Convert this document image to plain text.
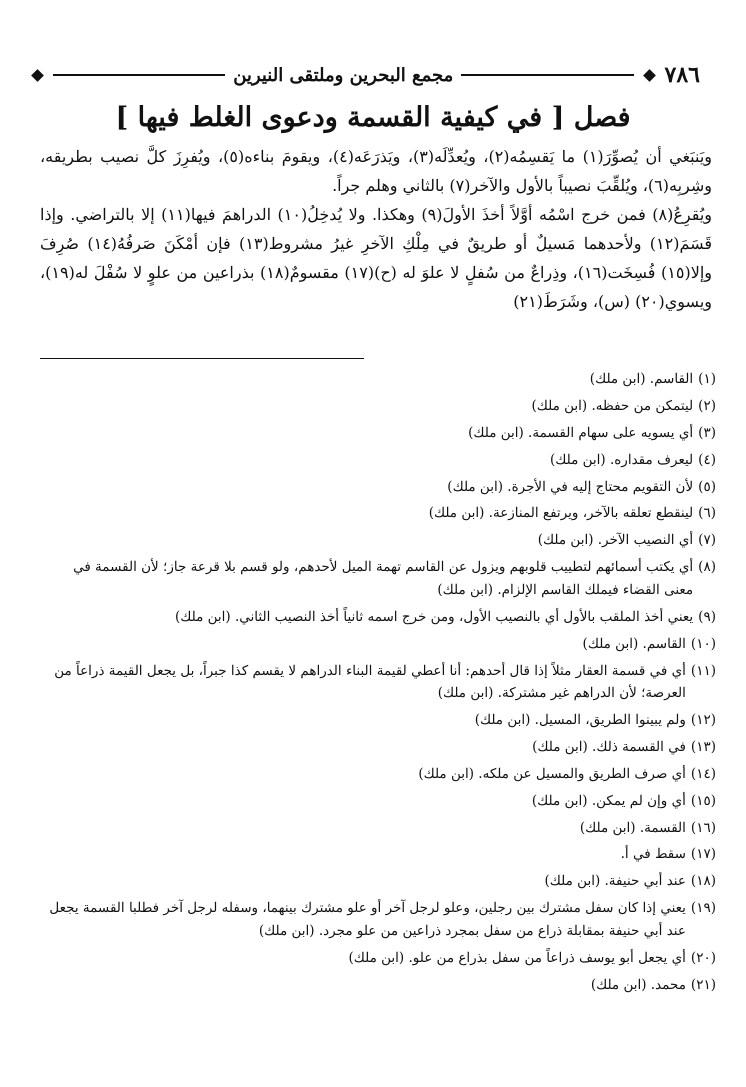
٧٨٦
مجمع البحرين وملتقى النيرين
فصل [ في كيفية القسمة ودعوى الغلط فيها ]

ويَنبَغي أن يُصوِّرَ(١) ما يَقسِمُه(٢)، ويُعدِّلَه(٣)، ويَذرَعَه(٤)، ويقومَ بناءه(٥)، ويُفرِزَ كلَّ نصيب بطريقه، وشِربِه(٦)، ويُلقِّبَ نصيباً بالأول والآخر(٧) بالثاني وهلم جراً.

ويُقرِعُ(٨) فمن خرج اسْمُه أوَّلاً أخذَ الأولَ(٩) وهكذا. ولا يُدخِلُ(١٠) الدراهمَ فيها(١١) إلا بالتراضي. وإذا قَسَمَ(١٢) ولأحدهما مَسيلٌ أو طريقٌ في مِلْكِ الآخرِ غيرُ مشروط(١٣) فإن أمْكَنَ صَرفُهُ(١٤) صُرِفَ وإلا(١٥) فُسِخَت(١٦)، وذِراعٌ من سُفلٍ لا علوَ له (ح)(١٧) مقسومٌ(١٨) بذراعين من علوٍ لا سُفْلَ له(١٩)، ويسوي(٢٠) (س)، وشَرَطَ(٢١)

(١)
القاسم. (ابن ملك)
(٢)
ليتمكن من حفظه. (ابن ملك)
(٣)
أي يسويه على سهام القسمة. (ابن ملك)
(٤)
ليعرف مقداره. (ابن ملك)
(٥)
لأن التقويم محتاج إليه في الأجرة. (ابن ملك)
(٦)
لينقطع تعلقه بالآخر، ويرتفع المنازعة. (ابن ملك)
(٧)
أي النصيب الآخر. (ابن ملك)
(٨)
أي يكتب أسمائهم لتطييب قلوبهم ويزول عن القاسم تهمة الميل لأحدهم، ولو قسم بلا قرعة جاز؛ لأن القسمة في معنى القضاء فيملك القاسم الإلزام. (ابن ملك)
(٩)
يعني أخذ الملقب بالأول أي بالنصيب الأول، ومن خرج اسمه ثانياً أخذ النصيب الثاني. (ابن ملك)
(١٠)
القاسم. (ابن ملك)
(١١)
أي في قسمة العقار مثلاً إذا قال أحدهم: أنا أعطي لقيمة البناء الدراهم لا يقسم كذا جبراً، بل يجعل القيمة ذراعاً من العرصة؛ لأن الدراهم غير مشتركة. (ابن ملك)
(١٢)
ولم يبينوا الطريق، المسيل. (ابن ملك)
(١٣)
في القسمة ذلك. (ابن ملك)
(١٤)
أي صرف الطريق والمسيل عن ملكه. (ابن ملك)
(١٥)
أي وإن لم يمكن. (ابن ملك)
(١٦)
القسمة. (ابن ملك)
(١٧)
سقط في أ.
(١٨)
عند أبي حنيفة. (ابن ملك)
(١٩)
يعني إذا كان سفل مشترك بين رجلين، وعلو لرجل آخر أو علو مشترك بينهما، وسفله لرجل آخر فطلبا القسمة يجعل عند أبي حنيفة بمقابلة ذراع من سفل بمجرد ذراعين من علو مجرد. (ابن ملك)
(٢٠)
أي يجعل أبو يوسف ذراعاً من سفل بذراع من علو. (ابن ملك)
(٢١)
محمد. (ابن ملك)
